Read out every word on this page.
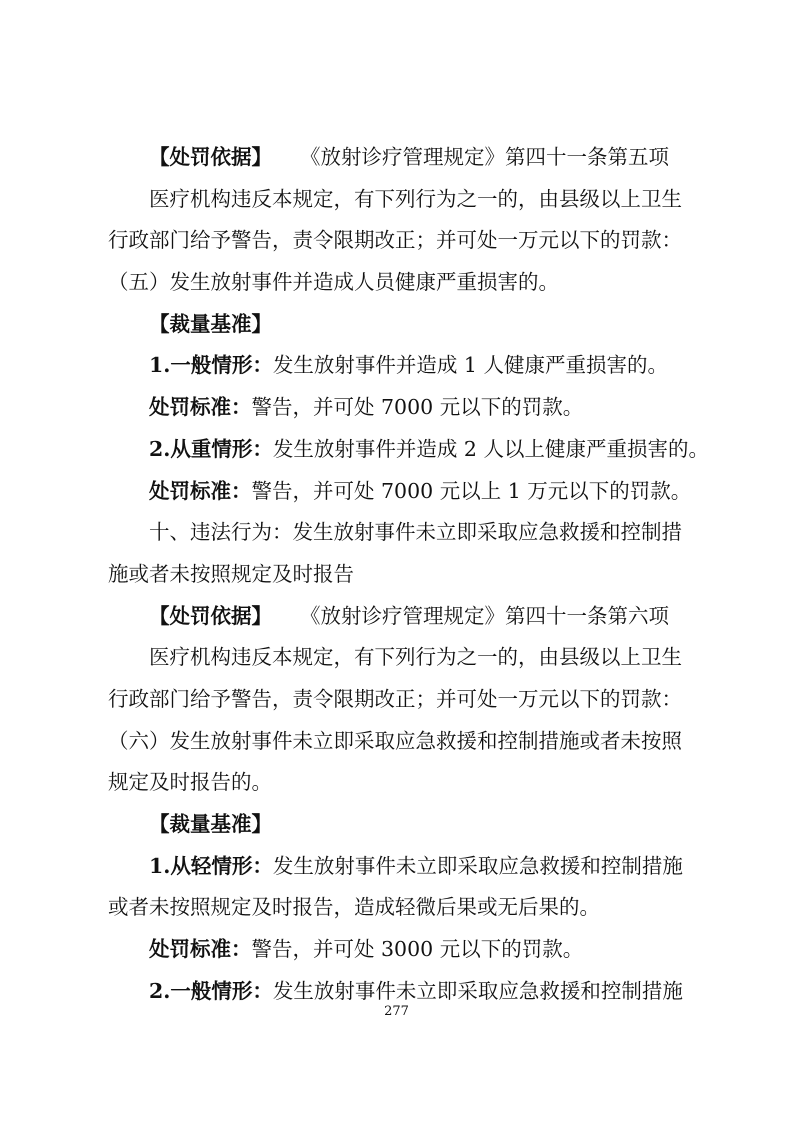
【处罚依据】 《放射诊疗管理规定》第四十一条第五项
医疗机构违反本规定，有下列行为之一的，由县级以上卫生
行政部门给予警告，责令限期改正；并可处一万元以下的罚款：
（五）发生放射事件并造成人员健康严重损害的。
【裁量基准】
1.一般情形：发生放射事件并造成 1 人健康严重损害的。
处罚标准：警告，并可处 7000 元以下的罚款。
2.从重情形：发生放射事件并造成 2 人以上健康严重损害的。
处罚标准：警告，并可处 7000 元以上 1 万元以下的罚款。
十、违法行为：发生放射事件未立即采取应急救援和控制措
施或者未按照规定及时报告
【处罚依据】 《放射诊疗管理规定》第四十一条第六项
医疗机构违反本规定，有下列行为之一的，由县级以上卫生
行政部门给予警告，责令限期改正；并可处一万元以下的罚款：
（六）发生放射事件未立即采取应急救援和控制措施或者未按照
规定及时报告的。
【裁量基准】
1.从轻情形：发生放射事件未立即采取应急救援和控制措施
或者未按照规定及时报告，造成轻微后果或无后果的。
处罚标准：警告，并可处 3000 元以下的罚款。
2.一般情形：发生放射事件未立即采取应急救援和控制措施
277
